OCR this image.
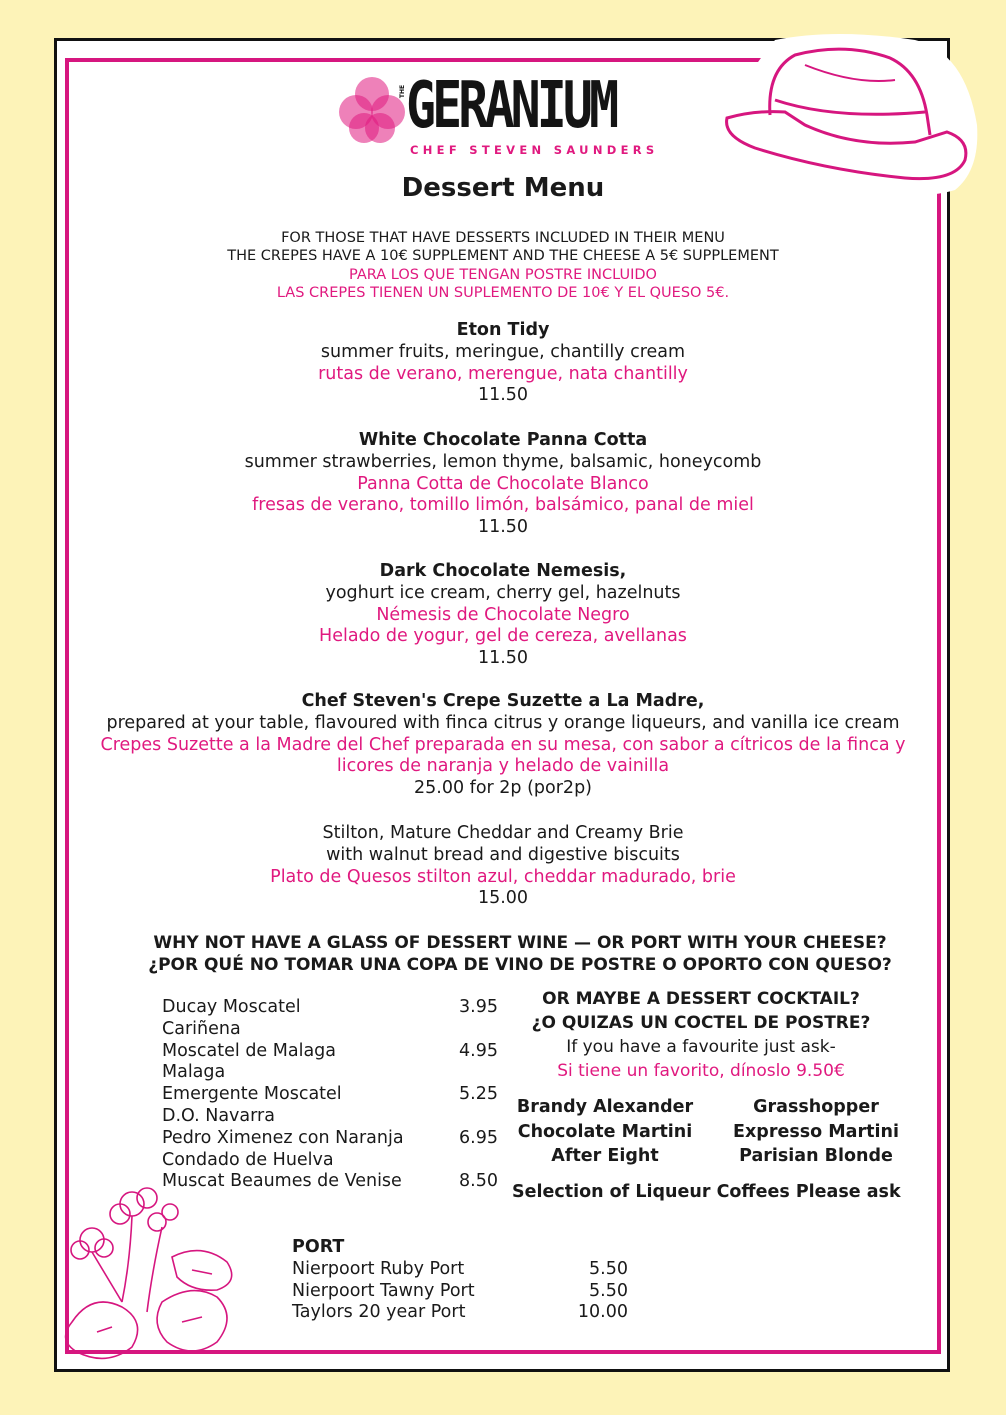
THE GERANIUM
CHEF STEVEN SAUNDERS
Dessert Menu
FOR THOSE THAT HAVE DESSERTS INCLUDED IN THEIR MENU
THE CREPES HAVE A 10€ SUPPLEMENT AND THE CHEESE A 5€ SUPPLEMENT
PARA LOS QUE TENGAN POSTRE INCLUIDO
LAS CREPES TIENEN UN SUPLEMENTO DE 10€ Y EL QUESO 5€.
Eton Tidy
summer fruits, meringue, chantilly cream
rutas de verano, merengue, nata chantilly
11.50
White Chocolate Panna Cotta
summer strawberries, lemon thyme, balsamic, honeycomb
Panna Cotta de Chocolate Blanco
fresas de verano, tomillo limón, balsámico, panal de miel
11.50
Dark Chocolate Nemesis,
yoghurt ice cream, cherry gel, hazelnuts
Némesis de Chocolate Negro
Helado de yogur, gel de cereza, avellanas
11.50
Chef Steven's Crepe Suzette a La Madre,
prepared at your table, flavoured with finca citrus y orange liqueurs, and vanilla ice cream
Crepes Suzette a la Madre del Chef preparada en su mesa, con sabor a cítricos de la finca y
licores de naranja y helado de vainilla
25.00 for 2p (por2p)
Stilton, Mature Cheddar and Creamy Brie
with walnut bread and digestive biscuits
Plato de Quesos stilton azul, cheddar madurado, brie
15.00
WHY NOT HAVE A GLASS OF DESSERT WINE — OR PORT WITH YOUR CHEESE?
¿POR QUÉ NO TOMAR UNA COPA DE VINO DE POSTRE O OPORTO CON QUESO?
Ducay Moscatel	3.95
Cariñena
Moscatel de Malaga	4.95
Malaga
Emergente Moscatel	5.25
D.O. Navarra
Pedro Ximenez con Naranja	6.95
Condado de Huelva
Muscat Beaumes de Venise	8.50
OR MAYBE A DESSERT COCKTAIL?
¿O QUIZAS UN COCTEL DE POSTRE?
If you have a favourite just ask-
Si tiene un favorito, dínoslo 9.50€
Brandy Alexander
Chocolate Martini
After Eight
Grasshopper
Expresso Martini
Parisian Blonde
Selection of Liqueur Coffees Please ask
PORT
Nierpoort Ruby Port	5.50
Nierpoort Tawny Port	5.50
Taylors 20 year Port	10.00
